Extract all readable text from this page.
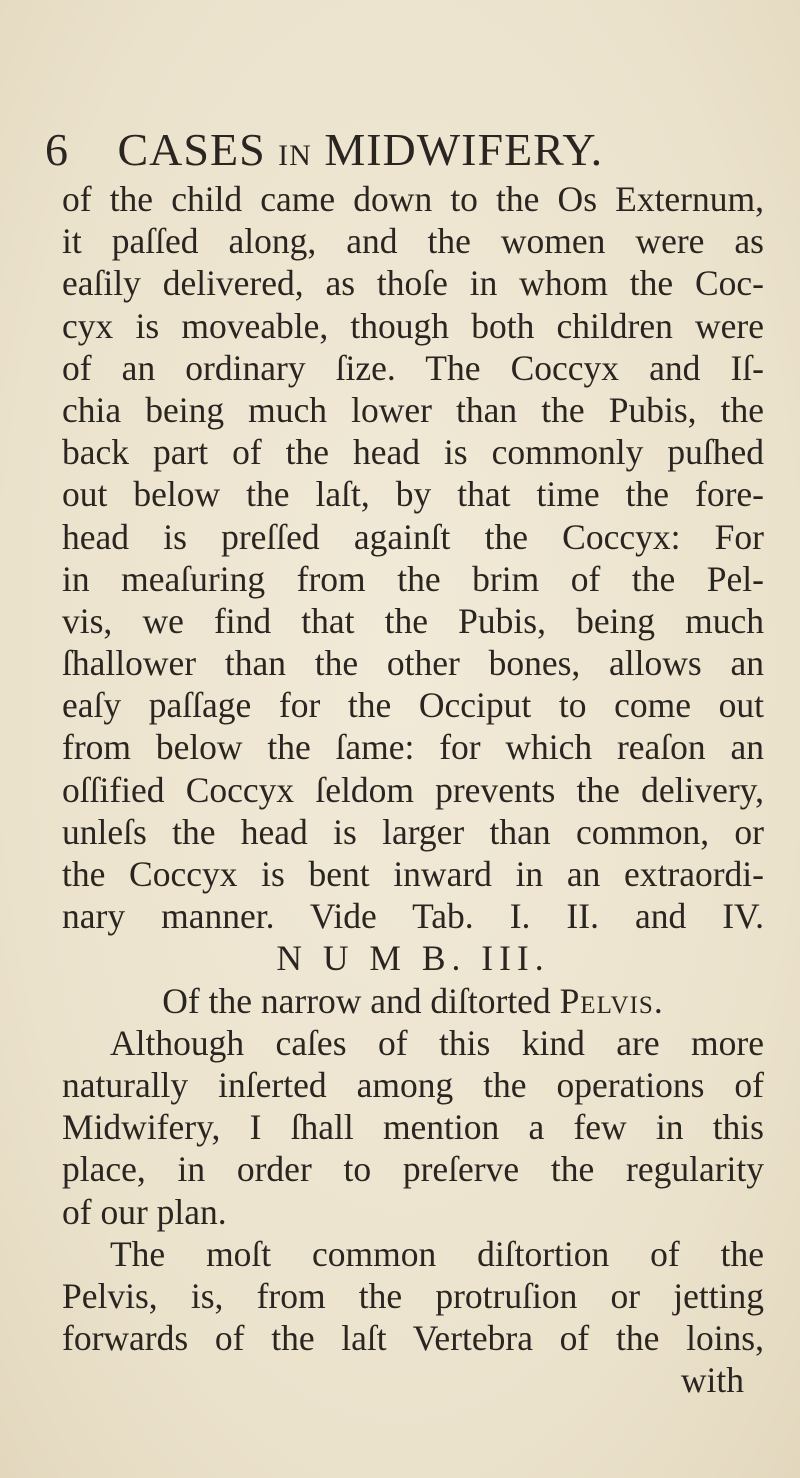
6 CASES IN MIDWIFERY.
of the child came down to the Os Externum,
it paſſed along, and the women were as
eaſily delivered, as thoſe in whom the Coc-
cyx is moveable, though both children were
of an ordinary ſize. The Coccyx and Iſ-
chia being much lower than the Pubis, the
back part of the head is commonly puſhed
out below the laſt, by that time the fore-
head is preſſed againſt the Coccyx: For
in meaſuring from the brim of the Pel-
vis, we find that the Pubis, being much
ſhallower than the other bones, allows an
eaſy paſſage for the Occiput to come out
from below the ſame: for which reaſon an
oſſified Coccyx ſeldom prevents the delivery,
unleſs the head is larger than common, or
the Coccyx is bent inward in an extraordi-
nary manner. Vide Tab. I. II. and IV.
N U M B. III.
Of the narrow and diſtorted Pelvis.
Although caſes of this kind are more
naturally inſerted among the operations of
Midwifery, I ſhall mention a few in this
place, in order to preſerve the regularity
of our plan.
The moſt common diſtortion of the
Pelvis, is, from the protruſion or jetting
forwards of the laſt Vertebra of the loins,
with
